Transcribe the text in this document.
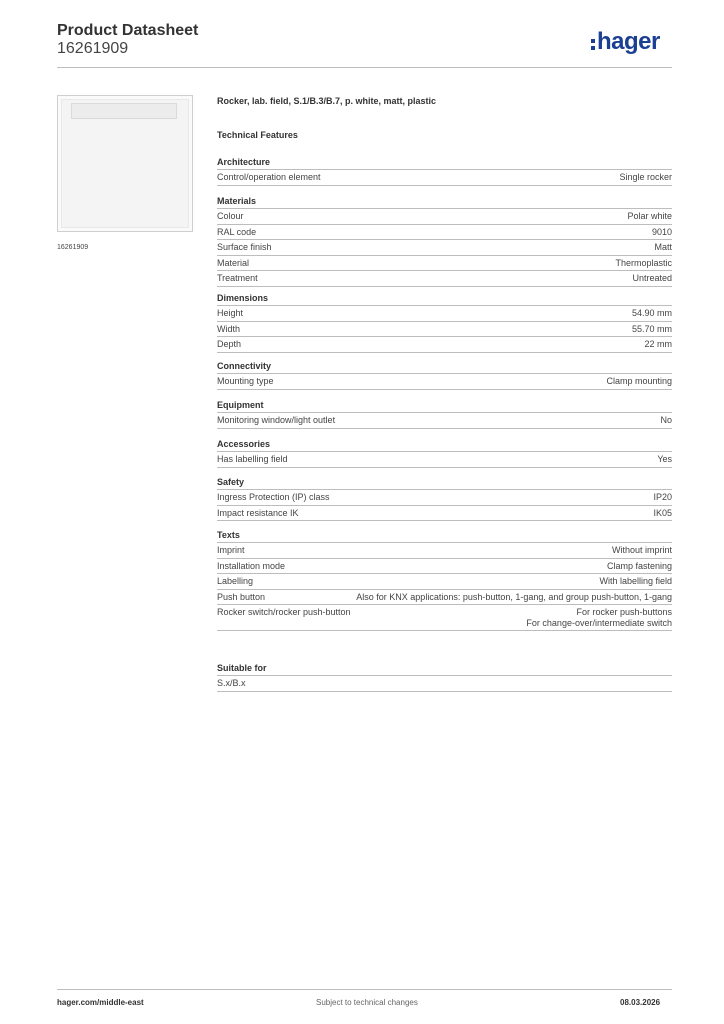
Product Datasheet
16261909	hager
16261909
Rocker, lab. field, S.1/B.3/B.7, p. white, matt, plastic
Technical Features
Architecture
Control/operation element	Single rocker
Materials
Colour	Polar white
RAL code	9010
Surface finish	Matt
Material	Thermoplastic
Treatment	Untreated
Dimensions
Height	54.90 mm
Width	55.70 mm
Depth	22 mm
Connectivity
Mounting type	Clamp mounting
Equipment
Monitoring window/light outlet	No
Accessories
Has labelling field	Yes
Safety
Ingress Protection (IP) class	IP20
Impact resistance IK	IK05
Texts
Imprint	Without imprint
Installation mode	Clamp fastening
Labelling	With labelling field
Push button	Also for KNX applications: push-button, 1-gang, and group push-button, 1-gang
Rocker switch/rocker push-button	For rocker push-buttons
For change-over/intermediate switch
Suitable for
S.x/B.x
hager.com/middle-east	Subject to technical changes	08.03.2026
